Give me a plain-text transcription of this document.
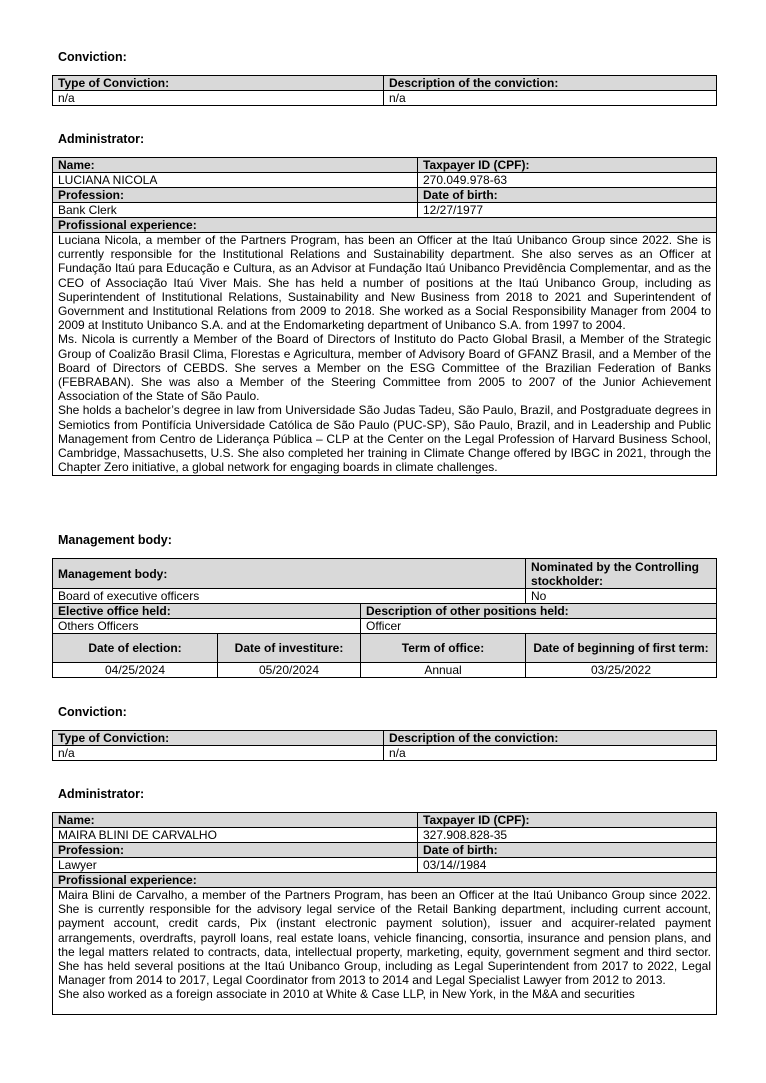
Conviction:
Type of Conviction:	Description of the conviction:
n/a	n/a
Administrator:
Name:	Taxpayer ID (CPF):
LUCIANA NICOLA	270.049.978-63
Profession:	Date of birth:
Bank Clerk	12/27/1977
Profissional experience:	

Luciana Nicola, a member of the Partners Program, has been an Officer at the Itaú Unibanco Group since 2022. She is currently responsible for the Institutional Relations and Sustainability department. She also serves as an Officer at Fundação Itaú para Educação e Cultura, as an Advisor at Fundação Itaú Unibanco Previdência Complementar, and as the CEO of Associação Itaú Viver Mais. She has held a number of positions at the Itaú Unibanco Group, including as Superintendent of Institutional Relations, Sustainability and New Business from 2018 to 2021 and Superintendent of Government and Institutional Relations from 2009 to 2018. She worked as a Social Responsibility Manager from 2004 to 2009 at Instituto Unibanco S.A. and at the Endomarketing department of Unibanco S.A. from 1997 to 2004.

Ms. Nicola is currently a Member of the Board of Directors of Instituto do Pacto Global Brasil, a Member of the Strategic Group of Coalizão Brasil Clima, Florestas e Agricultura, member of Advisory Board of GFANZ Brasil, and a Member of the Board of Directors of CEBDS. She serves a Member on the ESG Committee of the Brazilian Federation of Banks (FEBRABAN). She was also a Member of the Steering Committee from 2005 to 2007 of the Junior Achievement Association of the State of São Paulo.

She holds a bachelor’s degree in law from Universidade São Judas Tadeu, São Paulo, Brazil, and Postgraduate degrees in Semiotics from Pontifícia Universidade Católica de São Paulo (PUC-SP), São Paulo, Brazil, and in Leadership and Public Management from Centro de Liderança Pública – CLP at the Center on the Legal Profession of Harvard Business School, Cambridge, Massachusetts, U.S. She also completed her training in Climate Change offered by IBGC in 2021, through the Chapter Zero initiative, a global network for engaging boards in climate challenges.	

Management body:
Management body:			Nominated by the Controlling stockholder:
Board of executive officers			No
Elective office held:		Description of other positions held:	
Others Officers		Officer	
Date of election:	Date of investiture:	Term of office:	Date of beginning of first term:
04/25/2024	05/20/2024	Annual	03/25/2022
Conviction:
Type of Conviction:	Description of the conviction:
n/a	n/a
Administrator:
Name:	Taxpayer ID (CPF):
MAIRA BLINI DE CARVALHO	327.908.828-35
Profession:	Date of birth:
Lawyer	03/14//1984
Profissional experience:	

Maira Blini de Carvalho, a member of the Partners Program, has been an Officer at the Itaú Unibanco Group since 2022. She is currently responsible for the advisory legal service of the Retail Banking department, including current account, payment account, credit cards, Pix (instant electronic payment solution), issuer and acquirer-related payment arrangements, overdrafts, payroll loans, real estate loans, vehicle financing, consortia, insurance and pension plans, and the legal matters related to contracts, data, intellectual property, marketing, equity, government segment and third sector. She has held several positions at the Itaú Unibanco Group, including as Legal Superintendent from 2017 to 2022, Legal Manager from 2014 to 2017, Legal Coordinator from 2013 to 2014 and Legal Specialist Lawyer from 2012 to 2013.

She also worked as a foreign associate in 2010 at White & Case LLP, in New York, in the M&A and securities	
